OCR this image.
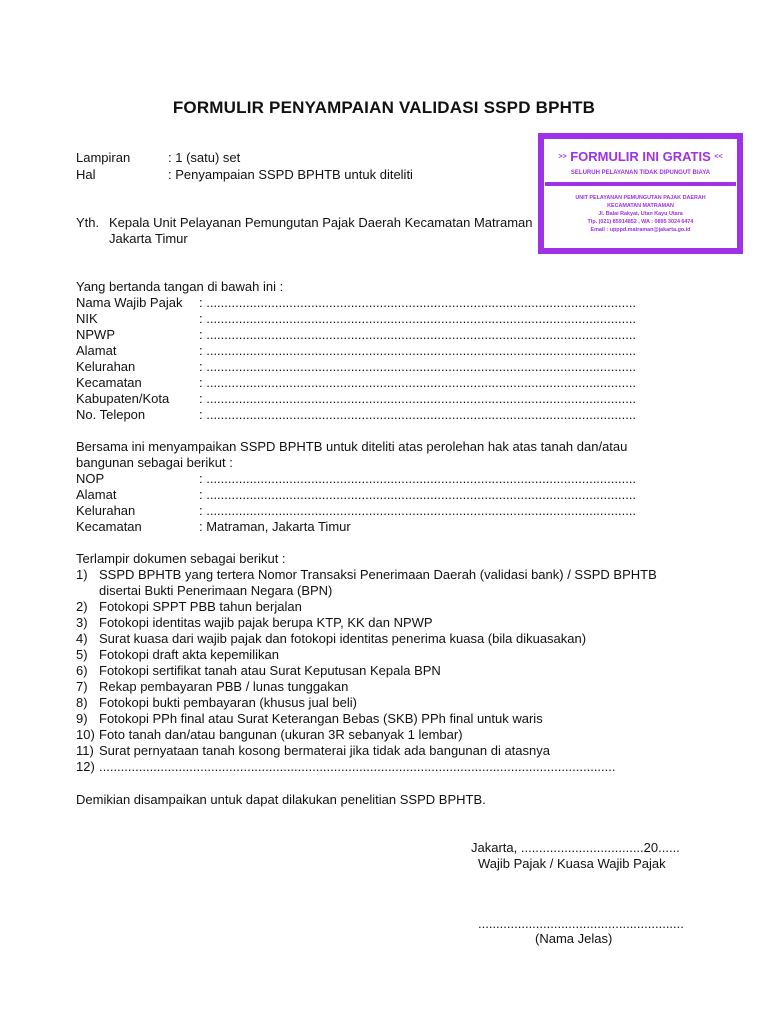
FORMULIR PENYAMPAIAN VALIDASI SSPD BPHTB
Lampiran	: 1 (satu) set
Hal	: Penyampaian SSPD BPHTB untuk diteliti
Yth. Kepala Unit Pelayanan Pemungutan Pajak Daerah Kecamatan Matraman
Jakarta Timur
>> FORMULIR INI GRATIS <<
SELURUH PELAYANAN TIDAK DIPUNGUT BIAYA
UNIT PELAYANAN PEMUNGUTAN PAJAK DAERAH
KECAMATAN MATRAMAN
Jl. Balai Rakyat, Utan Kayu Utara
Tlp. (021) 85914852 , WA : 0895 3024 6474
Email : upppd.matraman@jakarta.go.id
Yang bertanda tangan di bawah ini :
Nama Wajib Pajak : .......................................................................................................................
NIK	: .......................................................................................................................
NPWP	: .......................................................................................................................
Alamat	: .......................................................................................................................
Kelurahan	: .......................................................................................................................
Kecamatan	: .......................................................................................................................
Kabupaten/Kota : .......................................................................................................................
No. Telepon	: .......................................................................................................................
Bersama ini menyampaikan SSPD BPHTB untuk diteliti atas perolehan hak atas tanah dan/atau
bangunan sebagai berikut :
NOP	: .......................................................................................................................
Alamat	: .......................................................................................................................
Kelurahan	: .......................................................................................................................
Kecamatan	: Matraman, Jakarta Timur
Terlampir dokumen sebagai berikut :
1) SSPD BPHTB yang tertera Nomor Transaksi Penerimaan Daerah (validasi bank) / SSPD BPHTB
disertai Bukti Penerimaan Negara (BPN)
2) Fotokopi SPPT PBB tahun berjalan
3) Fotokopi identitas wajib pajak berupa KTP, KK dan NPWP
4) Surat kuasa dari wajib pajak dan fotokopi identitas penerima kuasa (bila dikuasakan)
5) Fotokopi draft akta kepemilikan
6) Fotokopi sertifikat tanah atau Surat Keputusan Kepala BPN
7) Rekap pembayaran PBB / lunas tunggakan
8) Fotokopi bukti pembayaran (khusus jual beli)
9) Fotokopi PPh final atau Surat Keterangan Bebas (SKB) PPh final untuk waris
10) Foto tanah dan/atau bangunan (ukuran 3R sebanyak 1 lembar)
11) Surat pernyataan tanah kosong bermaterai jika tidak ada bangunan di atasnya
12) ...............................................................................................................................................
Demikian disampaikan untuk dapat dilakukan penelitian SSPD BPHTB.
Jakarta, ..................................20......
Wajib Pajak / Kuasa Wajib Pajak
.........................................................
(Nama Jelas)
